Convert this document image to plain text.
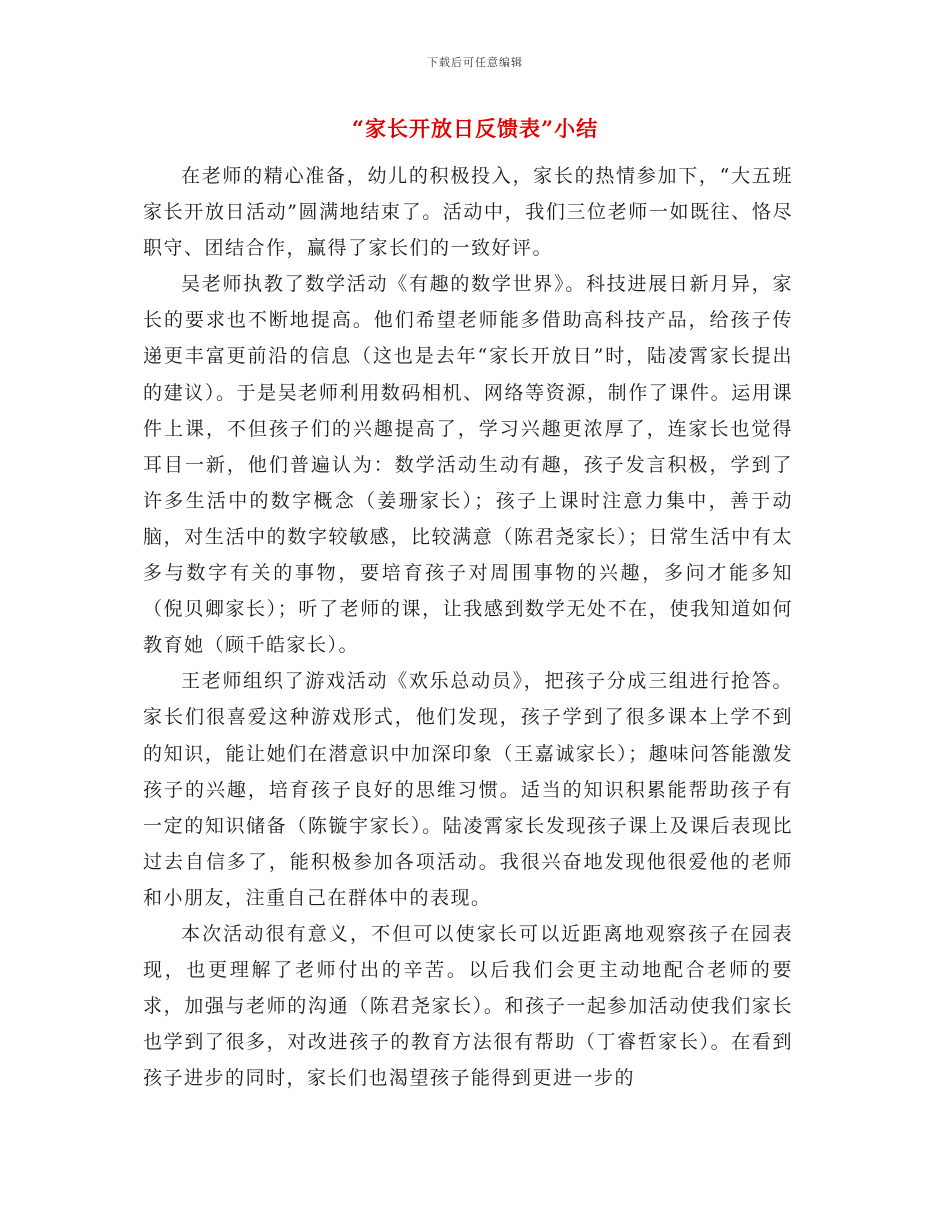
下载后可任意编辑
“家长开放日反馈表”小结

在老师的精心准备，幼儿的积极投入，家长的热情参加下，“大五班家长开放日活动”圆满地结束了。活动中，我们三位老师一如既往、恪尽职守、团结合作，赢得了家长们的一致好评。

吴老师执教了数学活动《有趣的数学世界》。科技进展日新月异，家长的要求也不断地提高。他们希望老师能多借助高科技产品，给孩子传递更丰富更前沿的信息（这也是去年“家长开放日”时，陆凌霄家长提出的建议）。于是吴老师利用数码相机、网络等资源，制作了课件。运用课件上课，不但孩子们的兴趣提高了，学习兴趣更浓厚了，连家长也觉得耳目一新，他们普遍认为：数学活动生动有趣，孩子发言积极，学到了许多生活中的数字概念（姜珊家长）；孩子上课时注意力集中，善于动脑，对生活中的数字较敏感，比较满意（陈君尧家长）；日常生活中有太多与数字有关的事物，要培育孩子对周围事物的兴趣，多问才能多知（倪贝卿家长）；听了老师的课，让我感到数学无处不在，使我知道如何教育她（顾千皓家长）。

王老师组织了游戏活动《欢乐总动员》，把孩子分成三组进行抢答。家长们很喜爱这种游戏形式，他们发现，孩子学到了很多课本上学不到的知识，能让她们在潜意识中加深印象（王嘉诚家长）；趣味问答能激发孩子的兴趣，培育孩子良好的思维习惯。适当的知识积累能帮助孩子有一定的知识储备（陈镟宇家长）。陆凌霄家长发现孩子课上及课后表现比过去自信多了，能积极参加各项活动。我很兴奋地发现他很爱他的老师和小朋友，注重自己在群体中的表现。

本次活动很有意义，不但可以使家长可以近距离地观察孩子在园表现，也更理解了老师付出的辛苦。以后我们会更主动地配合老师的要求，加强与老师的沟通（陈君尧家长）。和孩子一起参加活动使我们家长也学到了很多，对改进孩子的教育方法很有帮助（丁睿哲家长）。在看到孩子进步的同时，家长们也渴望孩子能得到更进一步的
